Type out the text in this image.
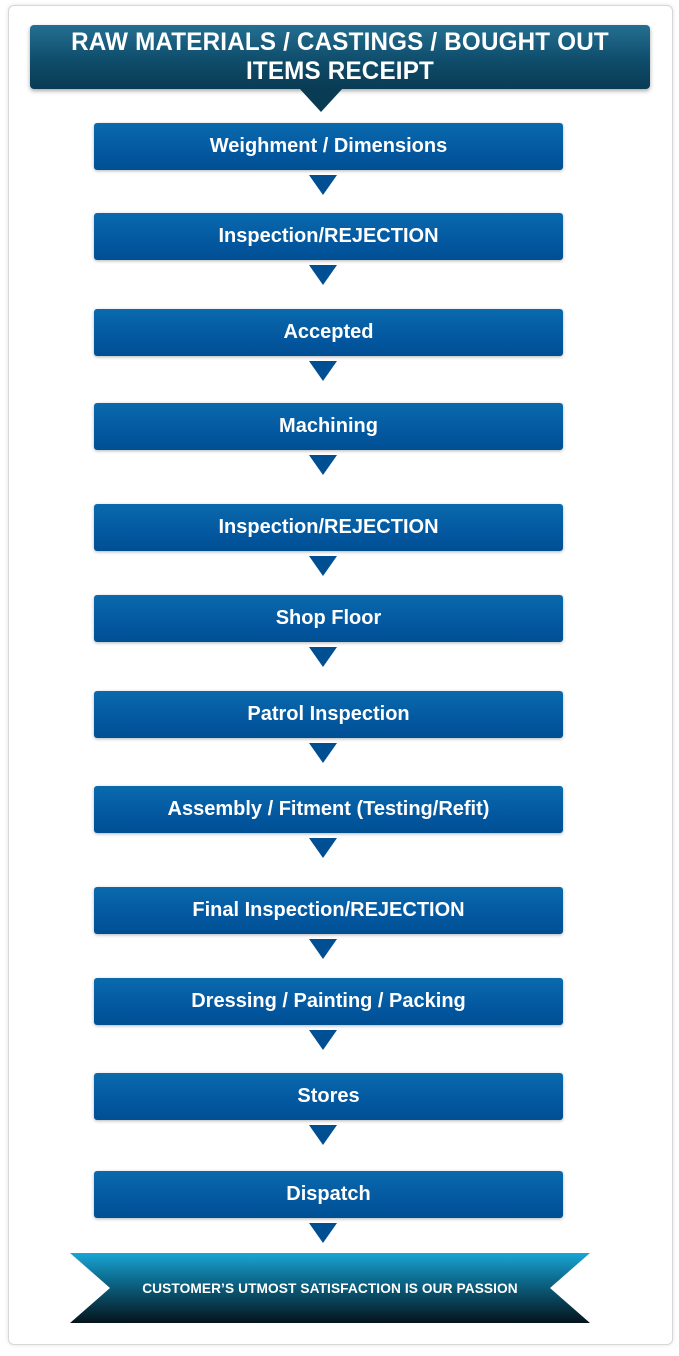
RAW MATERIALS / CASTINGS / BOUGHT OUT ITEMS RECEIPT
Weighment / Dimensions
Inspection/REJECTION
Accepted
Machining
Inspection/REJECTION
Shop Floor
Patrol Inspection
Assembly / Fitment (Testing/Refit)
Final Inspection/REJECTION
Dressing / Painting / Packing
Stores
Dispatch
CUSTOMER’S UTMOST SATISFACTION IS OUR PASSION
